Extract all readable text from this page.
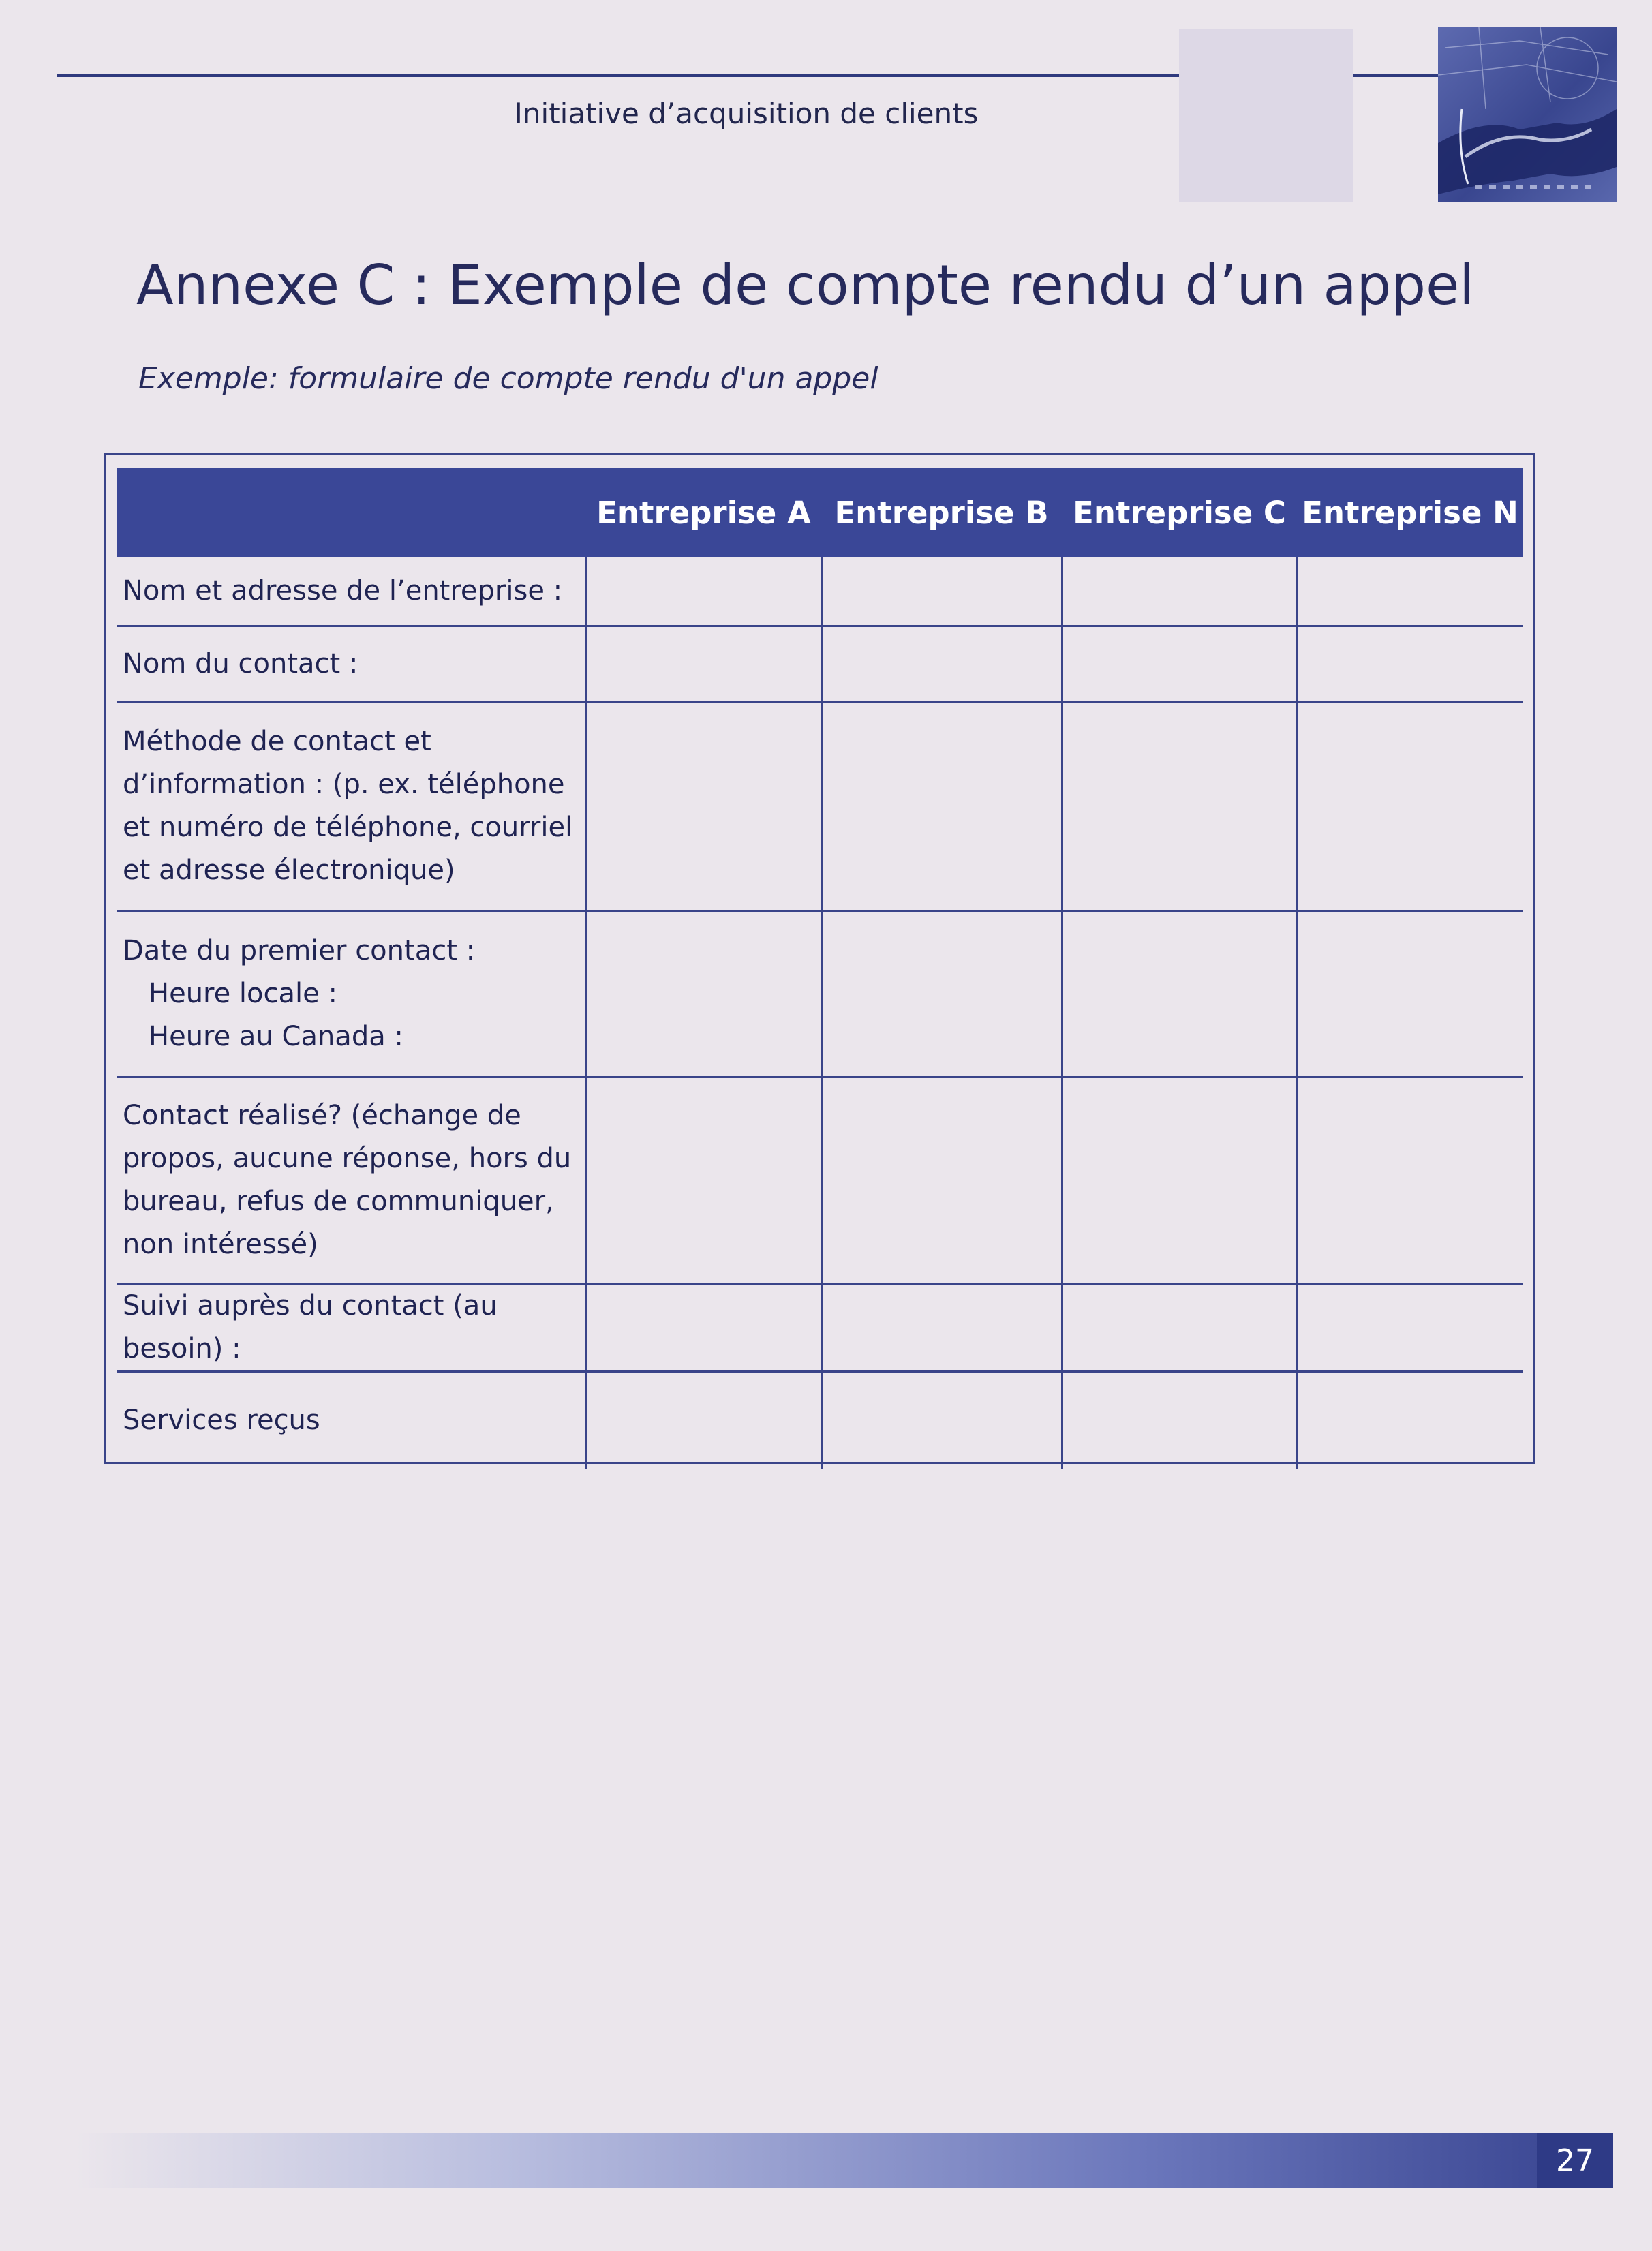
Initiative d’acquisition de clients
Annexe C : Exemple de compte rendu d’un appel
Exemple: formulaire de compte rendu d'un appel
	Entreprise A	Entreprise B	Entreprise C	Entreprise N
Nom et adresse de l’entreprise :				
Nom du contact :				

Méthode de contact et
d’information : (p. ex. téléphone
et numéro de téléphone, courriel
et adresse électronique)				

Date du premier contact :
Heure locale :
Heure au Canada :				

Contact réalisé? (échange de
propos, aucune réponse, hors du
bureau, refus de communiquer,
non intéressé)				

Suivi auprès du contact (au besoin) :				
Services reçus				
27
